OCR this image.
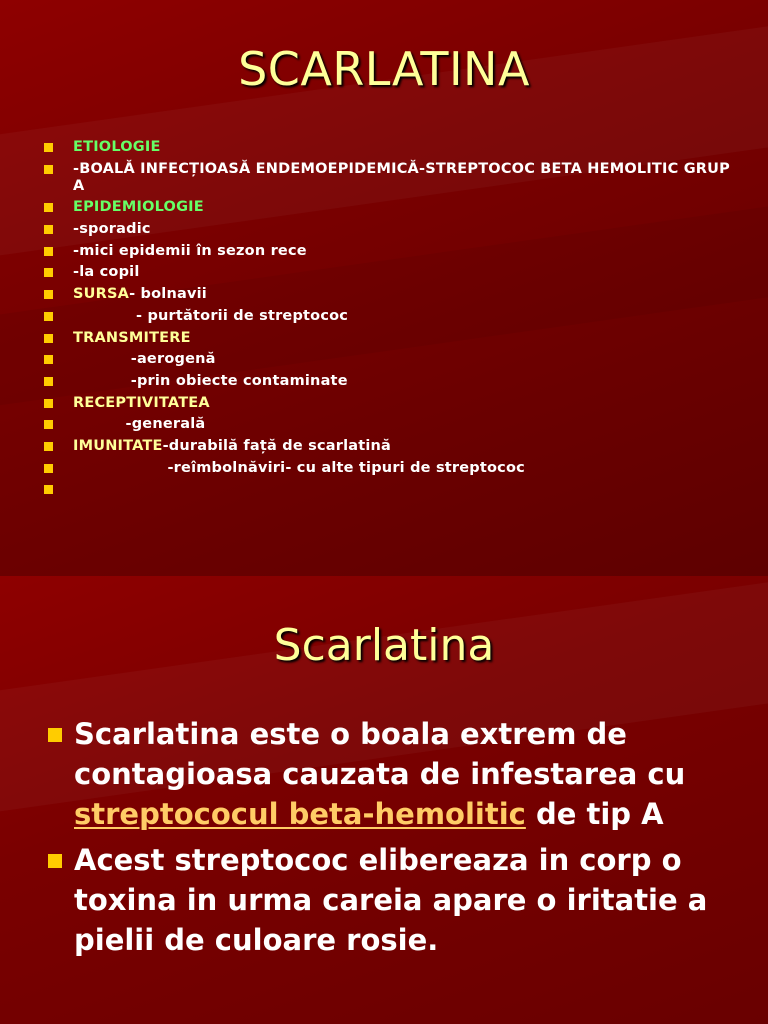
SCARLATINA
ETIOLOGIE
-BOALĂ INFECȚIOASĂ ENDEMOEPIDEMICĂ-STREPTOCOC BETA HEMOLITIC GRUP A
EPIDEMIOLOGIE
-sporadic
-mici epidemii în sezon rece
-la copil
SURSA- bolnavii
- purtătorii de streptococ
TRANSMITERE
-aerogenă
-prin obiecte contaminate
RECEPTIVITATEA
-generală
IMUNITATE-durabilă față de scarlatină
-reîmbolnăviri- cu alte tipuri de streptococ
Scarlatina
Scarlatina este o boala extrem de contagioasa cauzata de infestarea cu streptococul beta-hemolitic de tip A
Acest streptococ elibereaza in corp o toxina in urma careia apare o iritatie a pielii de culoare rosie.
